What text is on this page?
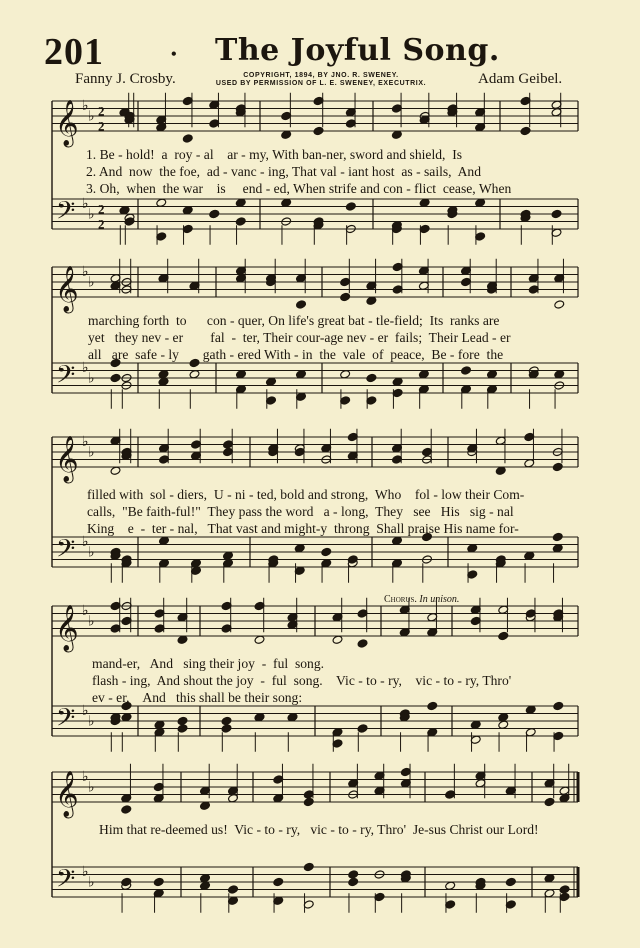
𝄞 ♭
♭ 2
2
𝄢 ♭
♭ 2
2
𝄞 ♭
♭
𝄢 ♭
♭
𝄞 ♭
♭
𝄢 ♭
♭
𝄞 ♭
♭
𝄢 ♭
♭
𝄞 ♭
♭
𝄢 ♭
♭
201	• The Joyful Song.
Fanny J. Crosby.	COPYRIGHT, 1894, BY JNO. R. SWENEY.
USED BY PERMISSION OF L. E. SWENEY, EXECUTRIX.	Adam Geibel.
1. Be - hold!  a  roy - al    ar - my, With ban-ner, sword and shield,  Is
2. And  now  the foe,  ad - vanc - ing, That val - iant host  as - sails,  And
3. Oh,  when  the war    is     end - ed, When strife and con - flict  cease, When
marching forth  to      con - quer, On life's great bat - tle-field;  Its  ranks are
yet   they nev - er        fal  -  ter, Their cour-age nev - er  fails;  Their Lead - er
all   are  safe - ly       gath - ered With - in  the  vale  of  peace,  Be - fore  the
filled with  sol - diers,  U - ni - ted, bold and strong,  Who    fol - low their Com-
calls,  "Be faith-ful!"  They pass the word   a - long,  They   see   His   sig - nal
King    e  -  ter - nal,   That vast and might-y  throng  Shall praise His name for-
Chorus. In unison.
mand-er,   And   sing their joy  -  ful  song.
flash - ing,  And shout the joy  -  ful  song.    Vic - to - ry,    vic - to - ry, Thro'
ev - er,    And   this shall be their song:
Him that re-deemed us!  Vic - to - ry,   vic - to - ry, Thro'  Je-sus Christ our Lord!
